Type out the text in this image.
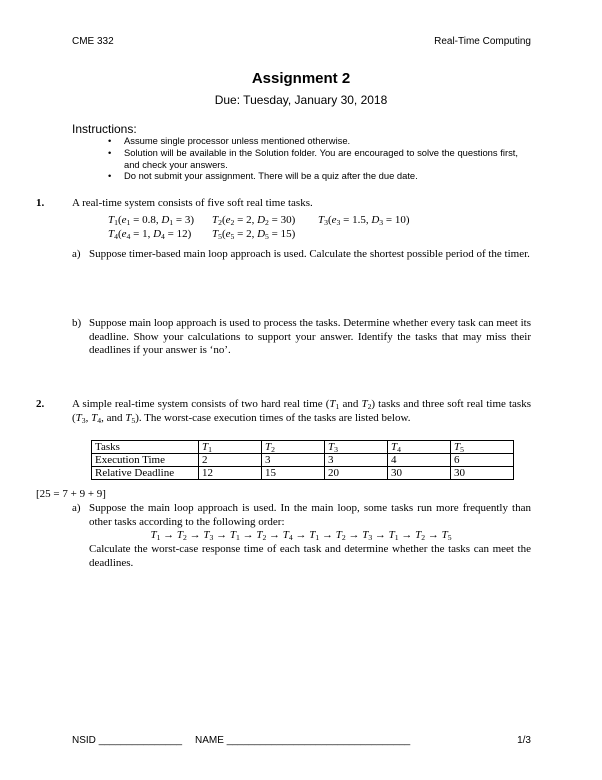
CME 332	Real-Time Computing
Assignment 2
Due: Tuesday, January 30, 2018
Instructions:
• Assume single processor unless mentioned otherwise.
• Solution will be available in the Solution folder. You are encouraged to solve the questions first, and check your answers.
• Do not submit your assignment. There will be a quiz after the due date.
1.	A real-time system consists of five soft real time tasks.
$T_1(e_1 = 0.8$, $D_1 = 3$) $T_2(e_2 = 2$, $D_2 = 30$) $T_3(e_3 = 1.5$, $D_3 = 10$)
$T_4(e_4 = 1$, $D_4 = 12$) $T_5(e_5 = 2$, $D_5 = 15$)
a) Suppose timer-based main loop approach is used. Calculate the shortest possible period of the timer.
b) Suppose main loop approach is used to process the tasks. Determine whether every task can meet its deadline. Show your calculations to support your answer. Identify the tasks that may miss their deadlines if your answer is ‘no’.
2.	A simple real-time system consists of two hard real time ($T_1$ and $T_2$) tasks and three soft real time tasks ($T_3$, $T_4$, and $T_5$). The worst-case execution times of the tasks are listed below.
Tasks	$T_1$	$T_2$	$T_3$	$T_4$	$T_5$
Execution Time	2	3	3	4	6
Relative Deadline	12	15	20	30	30
[25 = 7 + 9 + 9]
a) Suppose the main loop approach is used. In the main loop, some tasks run more frequently than other tasks according to the following order:
$T_1 \to T_2 \to T_3 \to T_1 \to T_2 \to T_4 \to T_1 \to T_2 \to T_3 \to T_1 \to T_2 \to T_5$
Calculate the worst-case response time of each task and determine whether the tasks can meet the deadlines.
NSID _______________ NAME _________________________________	1/3
